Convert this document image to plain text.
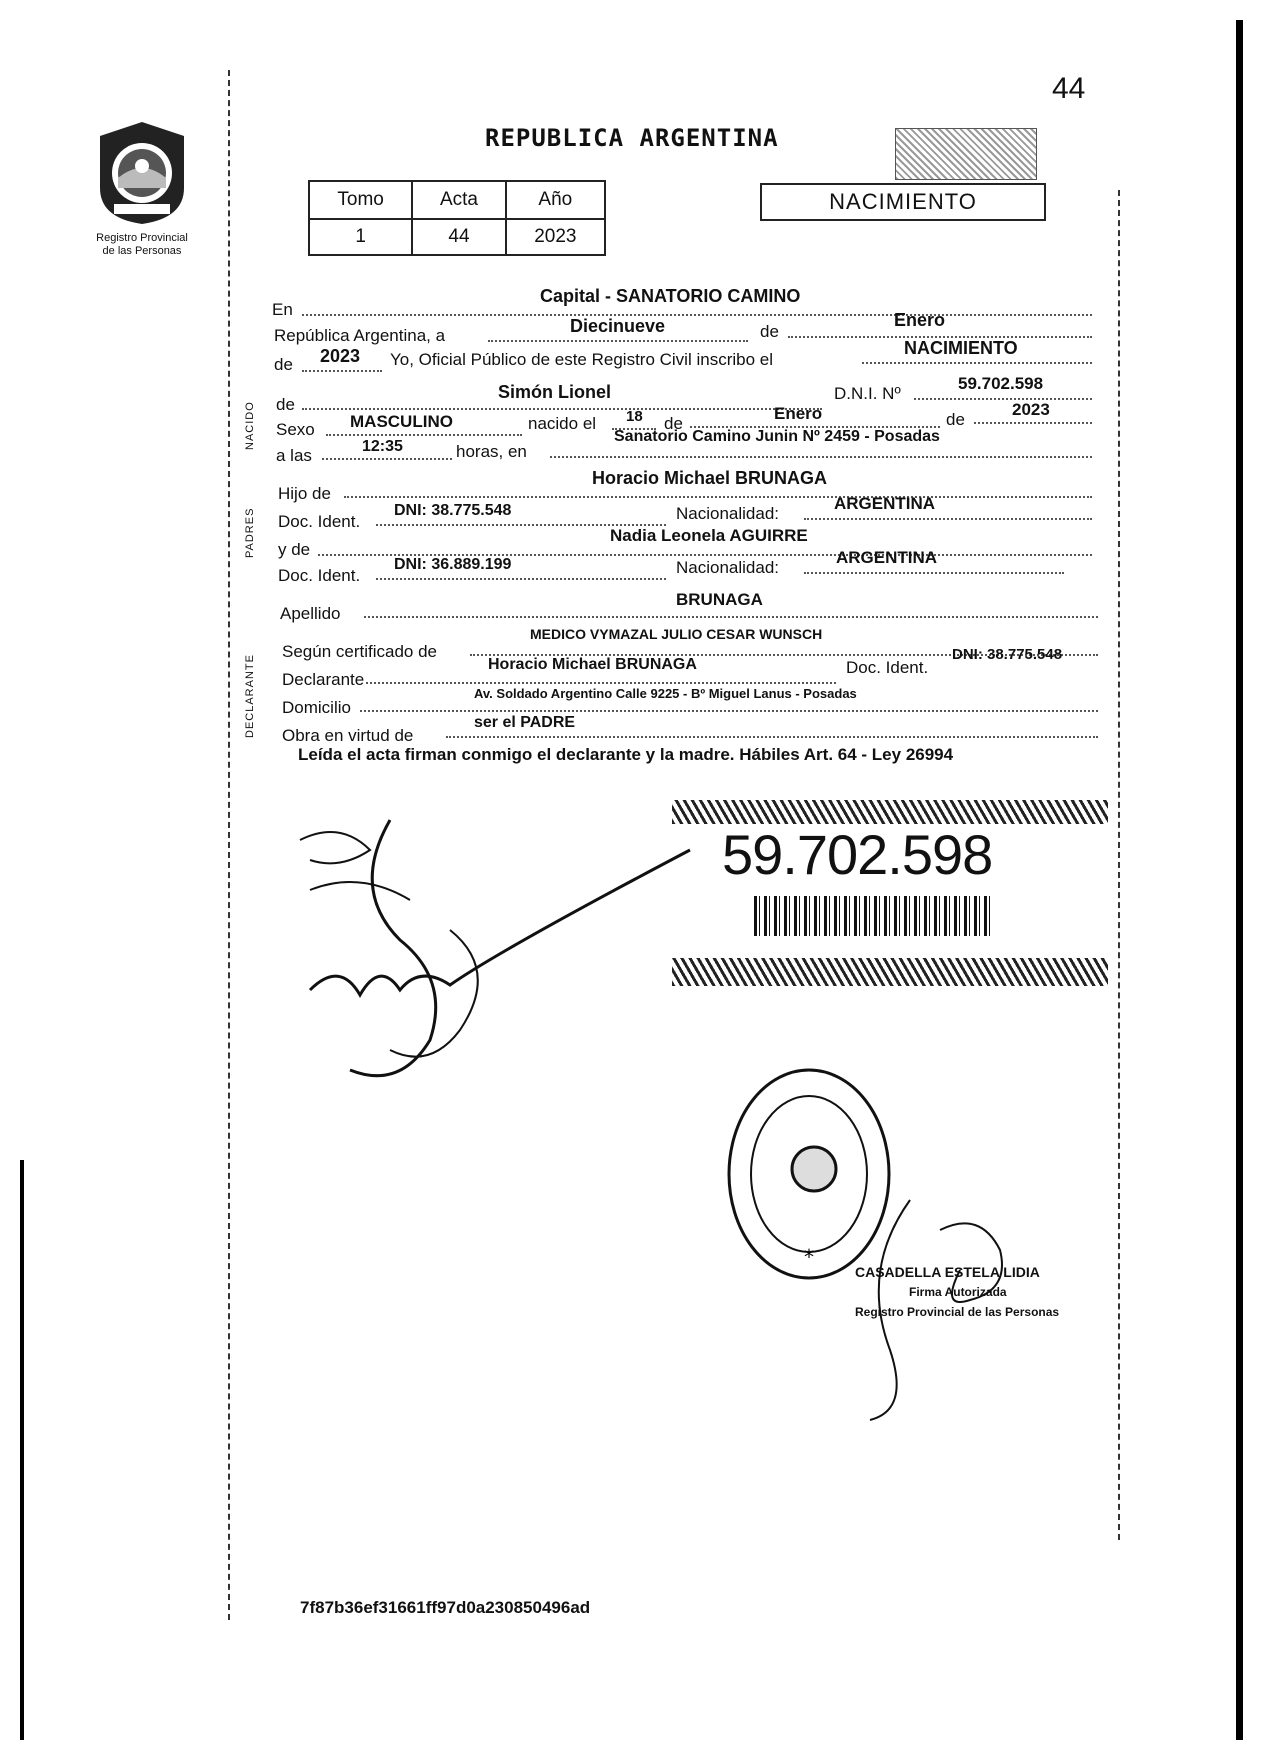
44
Registro Provincial
de las Personas
REPUBLICA ARGENTINA
Tomo	Acta	Año
1	44	2023
NACIMIENTO
NACIDO
PADRES
DECLARANTE
En
Capital - SANATORIO CAMINO
República Argentina, a	Diecinueve	de
Enero
de 2023 Yo, Oficial Público de este Registro Civil inscribo el
NACIMIENTO
de
Simón Lionel	D.N.I. Nº
59.702.598
Sexo MASCULINO	nacido el 18 de
Enero	de
2023
a las	12:35	horas, en
Sanatorio Camino Junin Nº 2459 - Posadas
Hijo de
Horacio Michael BRUNAGA
Doc. Ident.
DNI: 38.775.548	Nacionalidad:
ARGENTINA
y de
Nadia Leonela AGUIRRE
Doc. Ident.
DNI: 36.889.199	Nacionalidad:
ARGENTINA
Apellido
BRUNAGA
Según certificado de
MEDICO VYMAZAL JULIO CESAR WUNSCH
Declarante
Horacio Michael BRUNAGA	Doc. Ident.
DNI: 38.775.548
Domicilio
Av. Soldado Argentino Calle 9225 - Bº Miguel Lanus - Posadas
Obra en virtud de
ser el PADRE
Leída el acta firman conmigo el declarante y la madre. Hábiles Art. 64 - Ley 26994
59.702.598
*
CASADELLA ESTELA LIDIA
Firma Autorizada
Registro Provincial de las Personas
7f87b36ef31661ff97d0a230850496ad
